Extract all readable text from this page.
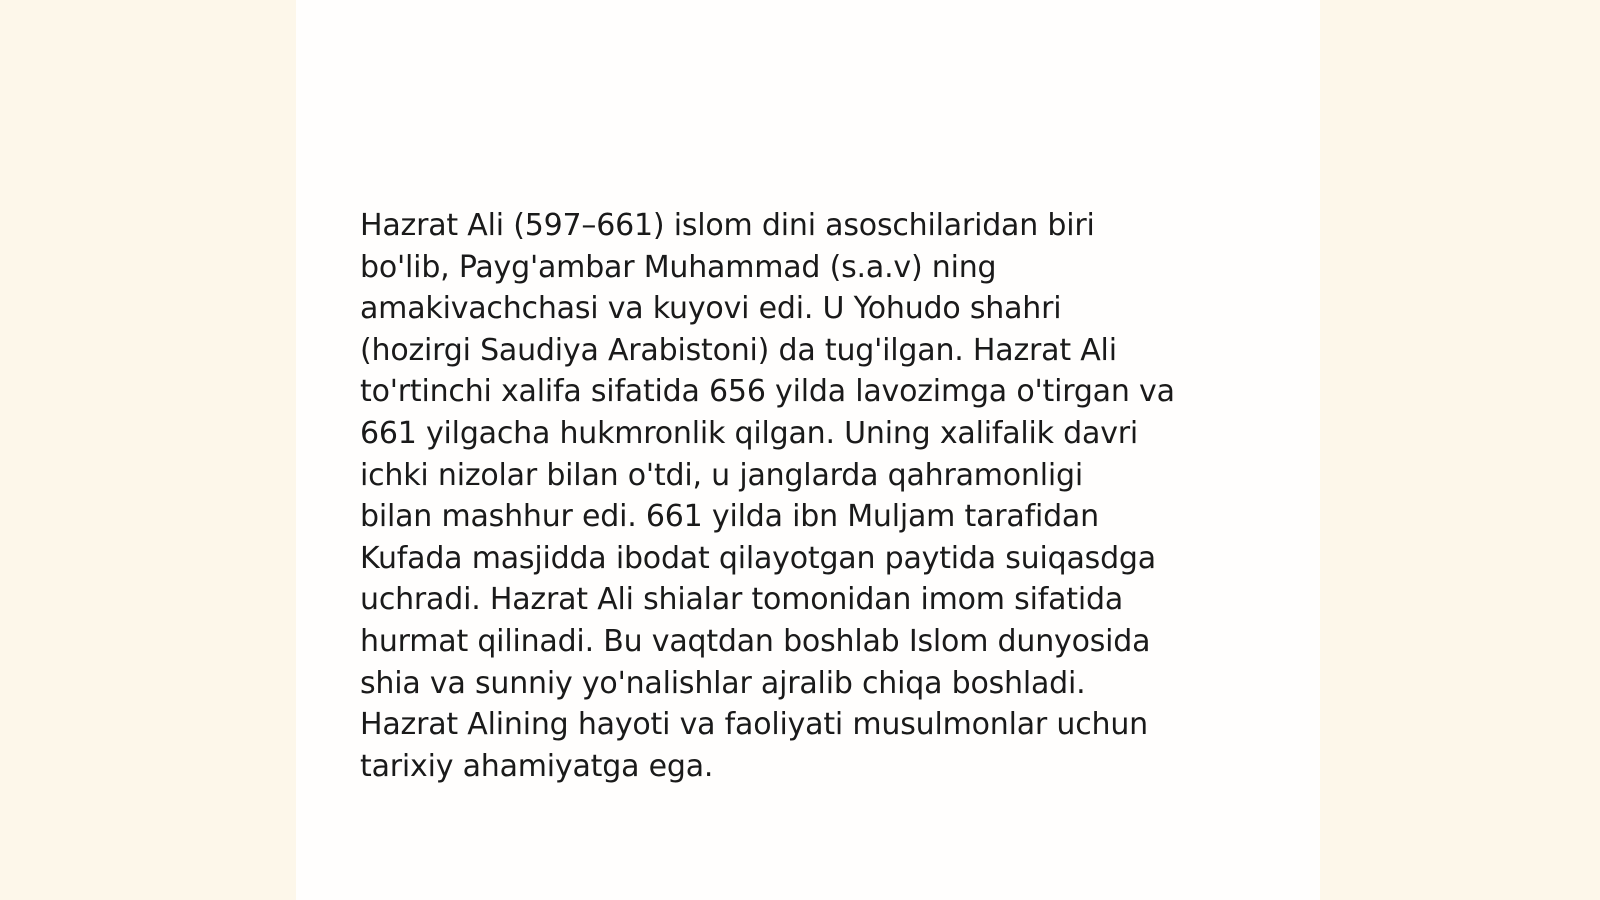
Hazrat Ali (597–661) islom dini asoschilaridan biri
bo'lib, Payg'ambar Muhammad (s.a.v) ning
amakivachchasi va kuyovi edi. U Yohudo shahri
(hozirgi Saudiya Arabistoni) da tug'ilgan. Hazrat Ali
to'rtinchi xalifa sifatida 656 yilda lavozimga o'tirgan va
661 yilgacha hukmronlik qilgan. Uning xalifalik davri
ichki nizolar bilan o'tdi, u janglarda qahramonligi
bilan mashhur edi. 661 yilda ibn Muljam tarafidan
Kufada masjidda ibodat qilayotgan paytida suiqasdga
uchradi. Hazrat Ali shialar tomonidan imom sifatida
hurmat qilinadi. Bu vaqtdan boshlab Islom dunyosida
shia va sunniy yo'nalishlar ajralib chiqa boshladi.
Hazrat Alining hayoti va faoliyati musulmonlar uchun
tarixiy ahamiyatga ega.
